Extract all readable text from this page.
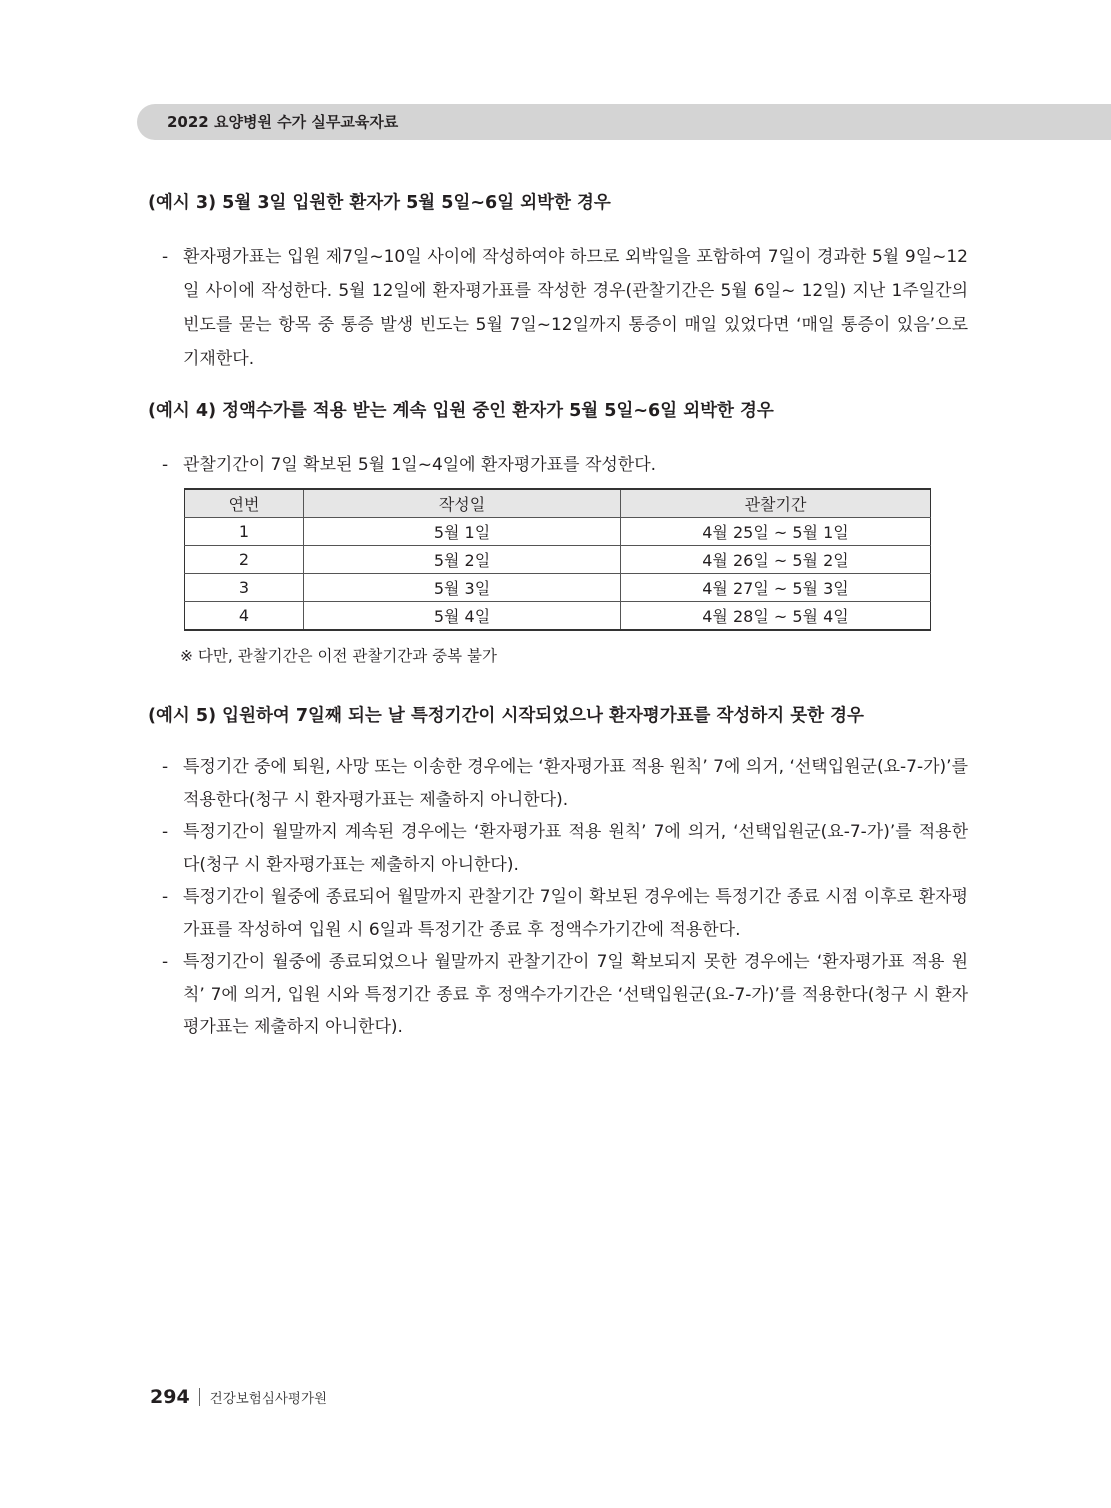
2022 요양병원 수가 실무교육자료
(예시 3) 5월 3일 입원한 환자가 5월 5일~6일 외박한 경우
- 환자평가표는 입원 제7일~10일 사이에 작성하여야 하므로 외박일을 포함하여 7일이 경과한 5월 9일~12일 사이에 작성한다. 5월 12일에 환자평가표를 작성한 경우(관찰기간은 5월 6일~ 12일) 지난 1주일간의 빈도를 묻는 항목 중 통증 발생 빈도는 5월 7일~12일까지 통증이 매일 있었다면 ‘매일 통증이 있음’으로 기재한다.
(예시 4) 정액수가를 적용 받는 계속 입원 중인 환자가 5월 5일~6일 외박한 경우
- 관찰기간이 7일 확보된 5월 1일~4일에 환자평가표를 작성한다.
연번	작성일	관찰기간
1	5월 1일	4월 25일 ~ 5월 1일
2	5월 2일	4월 26일 ~ 5월 2일
3	5월 3일	4월 27일 ~ 5월 3일
4	5월 4일	4월 28일 ~ 5월 4일
※ 다만, 관찰기간은 이전 관찰기간과 중복 불가
(예시 5) 입원하여 7일째 되는 날 특정기간이 시작되었으나 환자평가표를 작성하지 못한 경우
- 특정기간 중에 퇴원, 사망 또는 이송한 경우에는 ‘환자평가표 적용 원칙’ 7에 의거, ‘선택입원군(요-7-가)’를 적용한다(청구 시 환자평가표는 제출하지 아니한다).
- 특정기간이 월말까지 계속된 경우에는 ‘환자평가표 적용 원칙’ 7에 의거, ‘선택입원군(요-7-가)’를 적용한다(청구 시 환자평가표는 제출하지 아니한다).
- 특정기간이 월중에 종료되어 월말까지 관찰기간 7일이 확보된 경우에는 특정기간 종료 시점 이후로 환자평가표를 작성하여 입원 시 6일과 특정기간 종료 후 정액수가기간에 적용한다.
- 특정기간이 월중에 종료되었으나 월말까지 관찰기간이 7일 확보되지 못한 경우에는 ‘환자평가표 적용 원칙’ 7에 의거, 입원 시와 특정기간 종료 후 정액수가기간은 ‘선택입원군(요-7-가)’를 적용한다(청구 시 환자평가표는 제출하지 아니한다).
294 건강보험심사평가원
